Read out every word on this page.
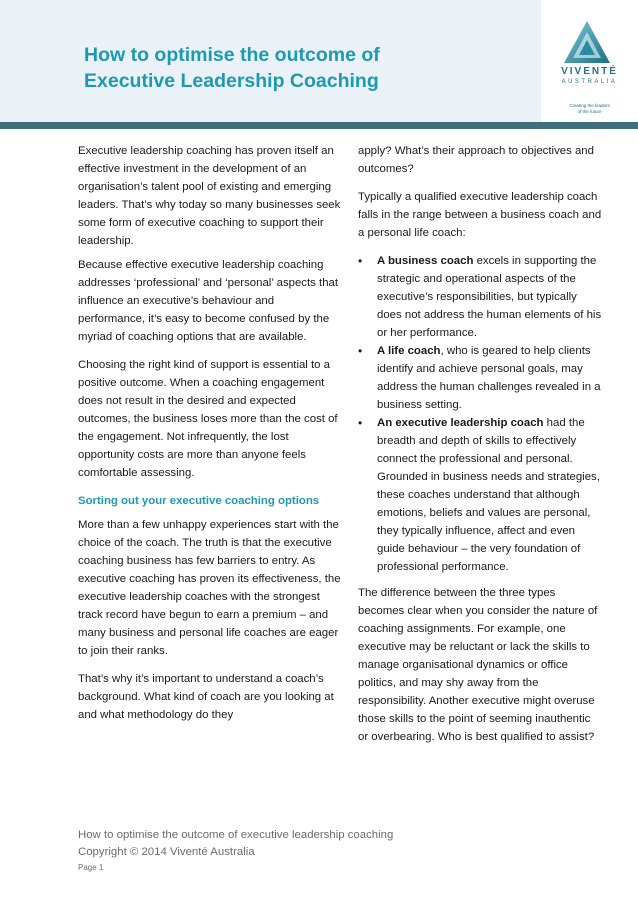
How to optimise the outcome of
Executive Leadership Coaching	VIVENTÉ
AUSTRALIA
Creating the leaders
of the future

Executive leadership coaching has proven itself an effective investment in the development of an organisation’s talent pool of existing and emerging leaders. That’s why today so many businesses seek some form of executive coaching to support their leadership.

Because effective executive leadership coaching addresses ‘professional’ and ‘personal’ aspects that influence an executive’s behaviour and performance, it’s easy to become confused by the myriad of coaching options that are available.

Choosing the right kind of support is essential to a positive outcome. When a coaching engagement does not result in the desired and expected outcomes, the business loses more than the cost of the engagement. Not infrequently, the lost opportunity costs are more than anyone feels comfortable assessing.

Sorting out your executive coaching options

More than a few unhappy experiences start with the choice of the coach. The truth is that the executive coaching business has few barriers to entry. As executive coaching has proven its effectiveness, the executive leadership coaches with the strongest track record have begun to earn a premium – and many business and personal life coaches are eager to join their ranks.

That’s why it’s important to understand a coach’s background. What kind of coach are you looking at and what methodology do they

apply? What’s their approach to objectives and outcomes?

Typically a qualified executive leadership coach falls in the range between a business coach and a personal life coach:

• A business coach excels in supporting the strategic and operational aspects of the executive’s responsibilities, but typically does not address the human elements of his or her performance.
• A life coach, who is geared to help clients identify and achieve personal goals, may address the human challenges revealed in a business setting.
• An executive leadership coach had the breadth and depth of skills to effectively connect the professional and personal. Grounded in business needs and strategies, these coaches understand that although emotions, beliefs and values are personal, they typically influence, affect and even guide behaviour – the very foundation of professional performance.

The difference between the three types becomes clear when you consider the nature of coaching assignments. For example, one executive may be reluctant or lack the skills to manage organisational dynamics or office politics, and may shy away from the responsibility. Another executive might overuse those skills to the point of seeming inauthentic or overbearing. Who is best qualified to assist?

How to optimise the outcome of executive leadership coaching
Copyright © 2014 Viventé Australia
Page 1
